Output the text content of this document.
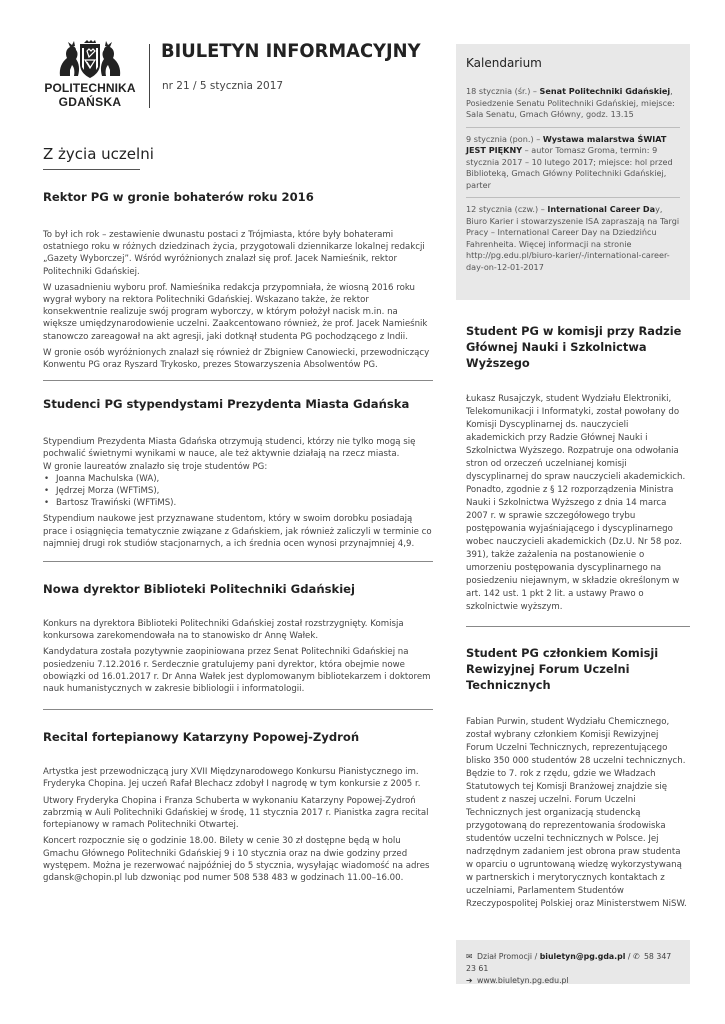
POLITECHNIKA
GDAŃSKA
BIULETYN INFORMACYJNY
nr 21 / 5 stycznia 2017
Z życia uczelni
Rektor PG w gronie bohaterów roku 2016

To był ich rok – zestawienie dwunastu postaci z Trójmiasta, które były bohaterami ostatniego roku w różnych dziedzinach życia, przygotowali dziennikarze lokalnej redakcji „Gazety Wyborczej”. Wśród wyróżnionych znalazł się prof. Jacek Namieśnik, rektor Politechniki Gdańskiej.

W uzasadnieniu wyboru prof. Namieśnika redakcja przypomniała, że wiosną 2016 roku wygrał wybory na rektora Politechniki Gdańskiej. Wskazano także, że rektor konsekwentnie realizuje swój program wyborczy, w którym położył nacisk m.in. na większe umiędzynarodowienie uczelni. Zaakcentowano również, że prof. Jacek Namieśnik stanowczo zareagował na akt agresji, jaki dotknął studenta PG pochodzącego z Indii.

W gronie osób wyróżnionych znalazł się również dr Zbigniew Canowiecki, przewodniczący Konwentu PG oraz Ryszard Trykosko, prezes Stowarzyszenia Absolwentów PG.

Studenci PG stypendystami Prezydenta Miasta Gdańska

Stypendium Prezydenta Miasta Gdańska otrzymują studenci, którzy nie tylko mogą się pochwalić świetnymi wynikami w nauce, ale też aktywnie działają na rzecz miasta.

W gronie laureatów znalazło się troje studentów PG:

• Joanna Machulska (WA),
• Jędrzej Morza (WFTiMS),
• Bartosz Trawiński (WFTiMS).

Stypendium naukowe jest przyznawane studentom, który w swoim dorobku posiadają prace i osiągnięcia tematycznie związane z Gdańskiem, jak również zaliczyli w terminie co najmniej drugi rok studiów stacjonarnych, a ich średnia ocen wynosi przynajmniej 4,9.

Nowa dyrektor Biblioteki Politechniki Gdańskiej

Konkurs na dyrektora Biblioteki Politechniki Gdańskiej został rozstrzygnięty. Komisja konkursowa zarekomendowała na to stanowisko dr Annę Wałek.

Kandydatura została pozytywnie zaopiniowana przez Senat Politechniki Gdańskiej na posiedzeniu 7.12.2016 r. Serdecznie gratulujemy pani dyrektor, która obejmie nowe obowiązki od 16.01.2017 r. Dr Anna Wałek jest dyplomowanym bibliotekarzem i doktorem nauk humanistycznych w zakresie bibliologii i informatologii.

Recital fortepianowy Katarzyny Popowej-Zydroń

Artystka jest przewodniczącą jury XVII Międzynarodowego Konkursu Pianistycznego im. Fryderyka Chopina. Jej uczeń Rafał Blechacz zdobył I nagrodę w tym konkursie z 2005 r.

Utwory Fryderyka Chopina i Franza Schuberta w wykonaniu Katarzyny Popowej-Zydroń zabrzmią w Auli Politechniki Gdańskiej w środę, 11 stycznia 2017 r. Pianistka zagra recital fortepianowy w ramach Politechniki Otwartej.

Koncert rozpocznie się o godzinie 18.00. Bilety w cenie 30 zł dostępne będą w holu Gmachu Głównego Politechniki Gdańskiej 9 i 10 stycznia oraz na dwie godziny przed występem. Można je rezerwować najpóźniej do 5 stycznia, wysyłając wiadomość na adres gdansk@chopin.pl lub dzwoniąc pod numer 508 538 483 w godzinach 11.00–16.00.

Kalendarium
18 stycznia (śr.) – Senat Politechniki Gdańskiej, Posiedzenie Senatu Politechniki Gdańskiej, miejsce: Sala Senatu, Gmach Główny, godz. 13.15
9 stycznia (pon.) – Wystawa malarstwa ŚWIAT JEST PIĘKNY – autor Tomasz Groma, termin: 9 stycznia 2017 – 10 lutego 2017; miejsce: hol przed Biblioteką, Gmach Główny Politechniki Gdańskiej, parter
12 stycznia (czw.) – International Career Day, Biuro Karier i stowarzyszenie ISA zapraszają na Targi Pracy – International Career Day na Dziedzińcu Fahrenheita. Więcej informacji na stronie http://pg.edu.pl/biuro-karier/-/international-career-day-on-12-01-2017
Student PG w komisji przy Radzie Głównej Nauki i Szkolnictwa Wyższego
Łukasz Rusajczyk, student Wydziału Elektroniki, Telekomunikacji i Informatyki, został powołany do Komisji Dyscyplinarnej ds. nauczycieli akademickich przy Radzie Głównej Nauki i Szkolnictwa Wyższego. Rozpatruje ona odwołania stron od orzeczeń uczelnianej komisji dyscyplinarnej do spraw nauczycieli akademickich. Ponadto, zgodnie z § 12 rozporządzenia Ministra Nauki i Szkolnictwa Wyższego z dnia 14 marca 2007 r. w sprawie szczegółowego trybu postępowania wyjaśniającego i dyscyplinarnego wobec nauczycieli akademickich (Dz.U. Nr 58 poz. 391), także zażalenia na postanowienie o umorzeniu postępowania dyscyplinarnego na posiedzeniu niejawnym, w składzie określonym w art. 142 ust. 1 pkt 2 lit. a ustawy Prawo o szkolnictwie wyższym.
Student PG członkiem Komisji Rewizyjnej Forum Uczelni Technicznych
Fabian Purwin, student Wydziału Chemicznego, został wybrany członkiem Komisji Rewizyjnej Forum Uczelni Technicznych, reprezentującego blisko 350 000 studentów 28 uczelni technicznych. Będzie to 7. rok z rzędu, gdzie we Władzach Statutowych tej Komisji Branżowej znajdzie się student z naszej uczelni. Forum Uczelni Technicznych jest organizacją studencką przygotowaną do reprezentowania środowiska studentów uczelni technicznych w Polsce. Jej nadrzędnym zadaniem jest obrona praw studenta w oparciu o ugruntowaną wiedzę wykorzystywaną w partnerskich i merytorycznych kontaktach z uczelniami, Parlamentem Studentów Rzeczypospolitej Polskiej oraz Ministerstwem NiSW.
✉ Dział Promocji / biuletyn@pg.gda.pl / ✆ 58 347 23 61
➔ www.biuletyn.pg.edu.pl
